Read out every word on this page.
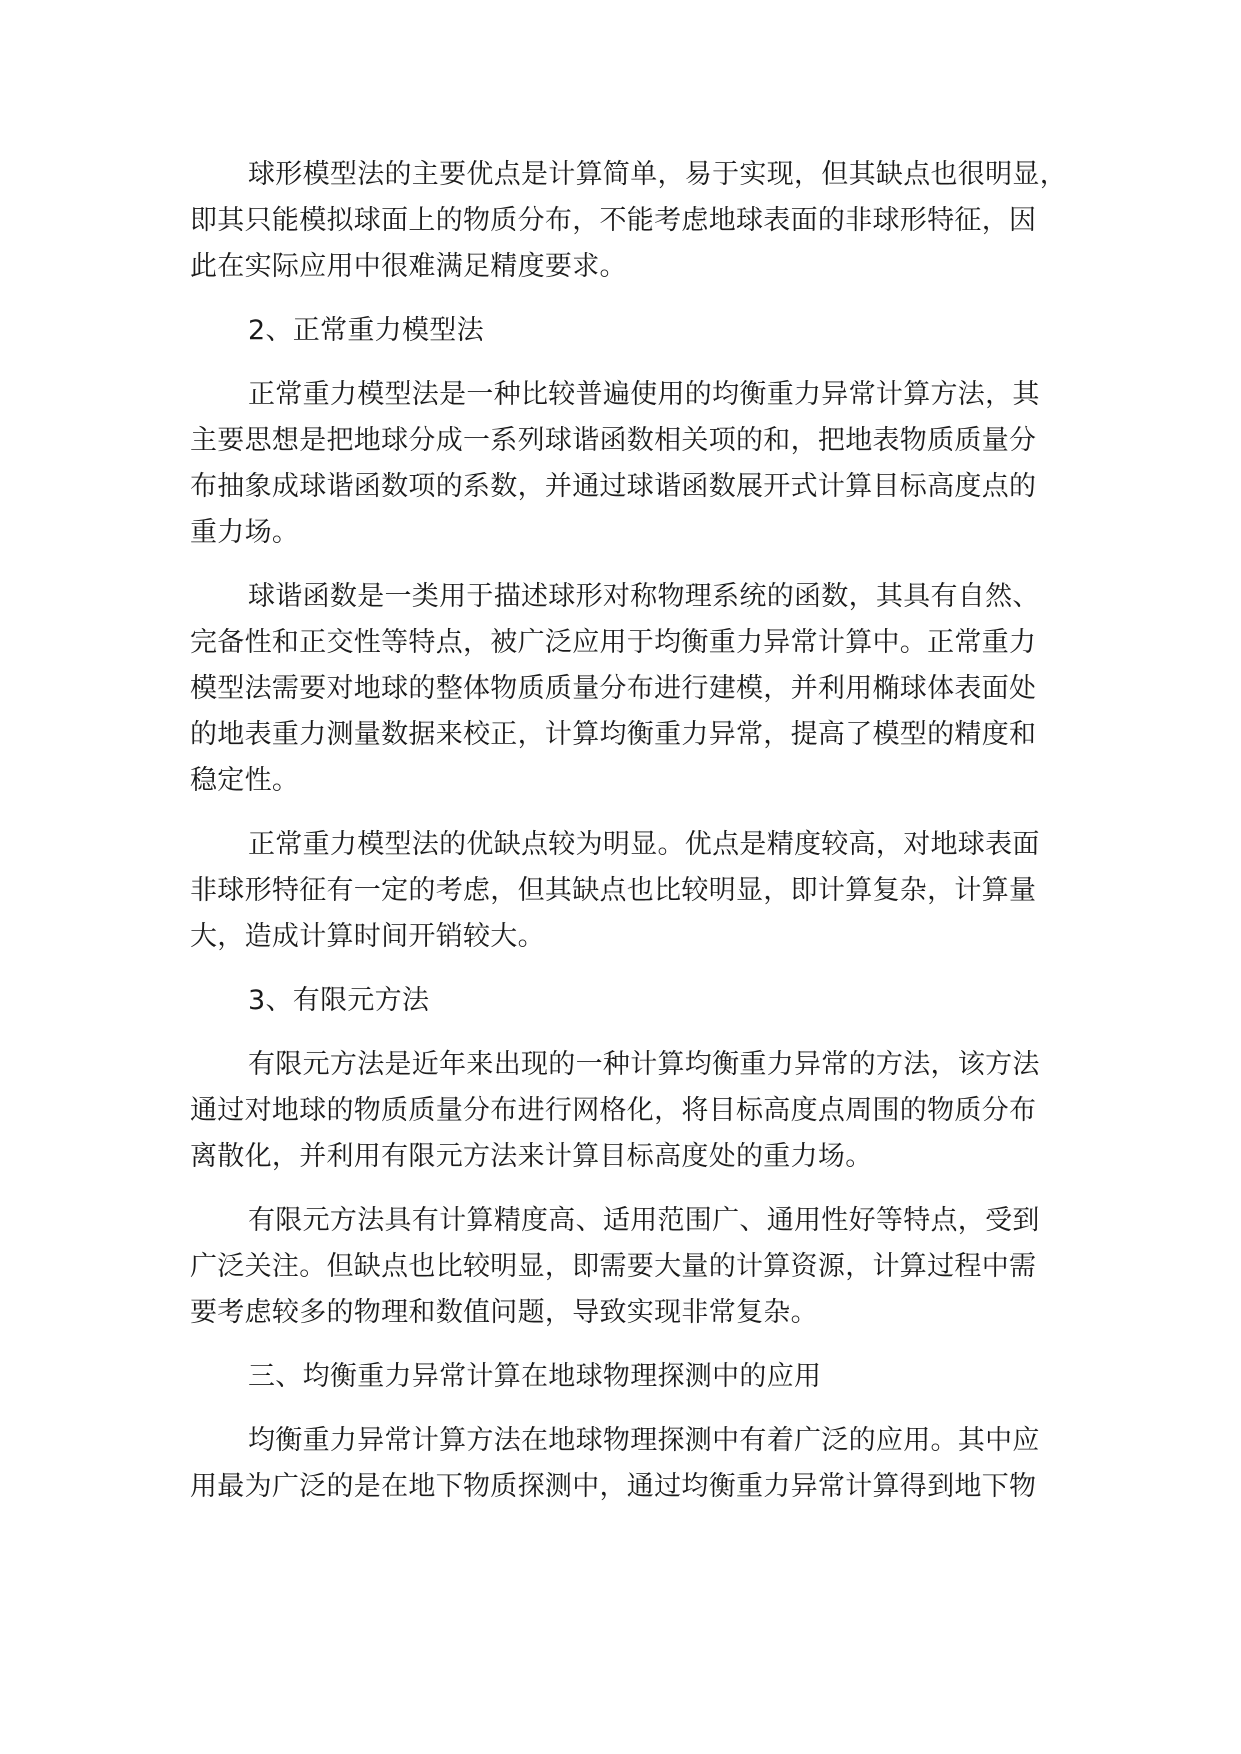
球形模型法的主要优点是计算简单，易于实现，但其缺点也很明显，
即其只能模拟球面上的物质分布，不能考虑地球表面的非球形特征，因
此在实际应用中很难满足精度要求。

2、正常重力模型法

正常重力模型法是一种比较普遍使用的均衡重力异常计算方法，其
主要思想是把地球分成一系列球谐函数相关项的和，把地表物质质量分
布抽象成球谐函数项的系数，并通过球谐函数展开式计算目标高度点的
重力场。

球谐函数是一类用于描述球形对称物理系统的函数，其具有自然、
完备性和正交性等特点，被广泛应用于均衡重力异常计算中。正常重力
模型法需要对地球的整体物质质量分布进行建模，并利用椭球体表面处
的地表重力测量数据来校正，计算均衡重力异常，提高了模型的精度和
稳定性。

正常重力模型法的优缺点较为明显。优点是精度较高，对地球表面
非球形特征有一定的考虑，但其缺点也比较明显，即计算复杂，计算量
大，造成计算时间开销较大。

3、有限元方法

有限元方法是近年来出现的一种计算均衡重力异常的方法，该方法
通过对地球的物质质量分布进行网格化，将目标高度点周围的物质分布
离散化，并利用有限元方法来计算目标高度处的重力场。

有限元方法具有计算精度高、适用范围广、通用性好等特点，受到
广泛关注。但缺点也比较明显，即需要大量的计算资源，计算过程中需
要考虑较多的物理和数值问题，导致实现非常复杂。

三、均衡重力异常计算在地球物理探测中的应用

均衡重力异常计算方法在地球物理探测中有着广泛的应用。其中应
用最为广泛的是在地下物质探测中，通过均衡重力异常计算得到地下物
